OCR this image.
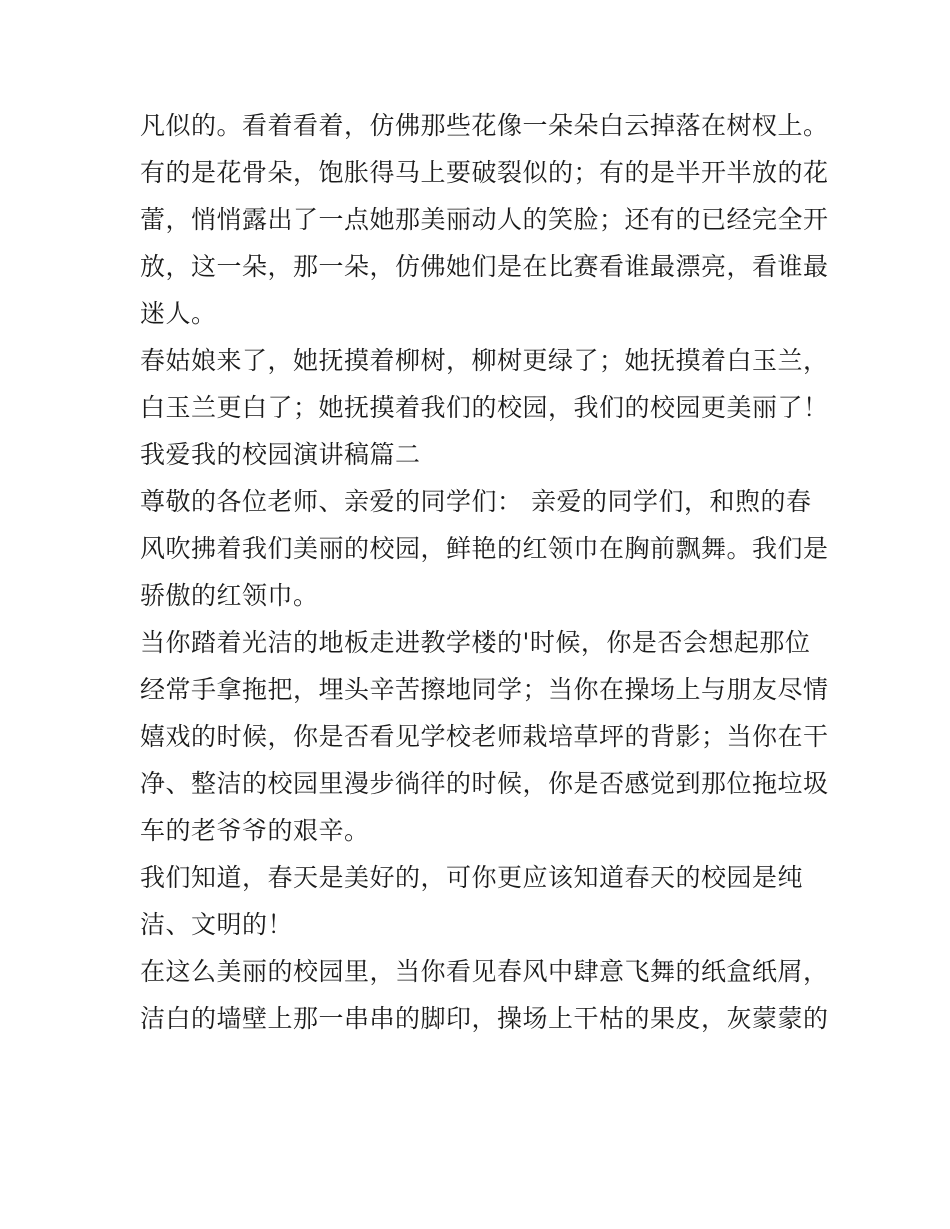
凡似的。看着看着，仿佛那些花像一朵朵白云掉落在树杈上。
有的是花骨朵，饱胀得马上要破裂似的；有的是半开半放的花
蕾，悄悄露出了一点她那美丽动人的笑脸；还有的已经完全开
放，这一朵，那一朵，仿佛她们是在比赛看谁最漂亮，看谁最
迷人。
春姑娘来了，她抚摸着柳树，柳树更绿了；她抚摸着白玉兰，
白玉兰更白了；她抚摸着我们的校园，我们的校园更美丽了！
我爱我的校园演讲稿篇二
尊敬的各位老师、亲爱的同学们： 亲爱的同学们，和煦的春
风吹拂着我们美丽的校园，鲜艳的红领巾在胸前飘舞。我们是
骄傲的红领巾。
当你踏着光洁的地板走进教学楼的'时候，你是否会想起那位
经常手拿拖把，埋头辛苦擦地同学；当你在操场上与朋友尽情
嬉戏的时候，你是否看见学校老师栽培草坪的背影；当你在干
净、整洁的校园里漫步徜徉的时候，你是否感觉到那位拖垃圾
车的老爷爷的艰辛。
我们知道，春天是美好的，可你更应该知道春天的校园是纯
洁、文明的！
在这么美丽的校园里，当你看见春风中肆意飞舞的纸盒纸屑，
洁白的墙壁上那一串串的脚印，操场上干枯的果皮，灰蒙蒙的
